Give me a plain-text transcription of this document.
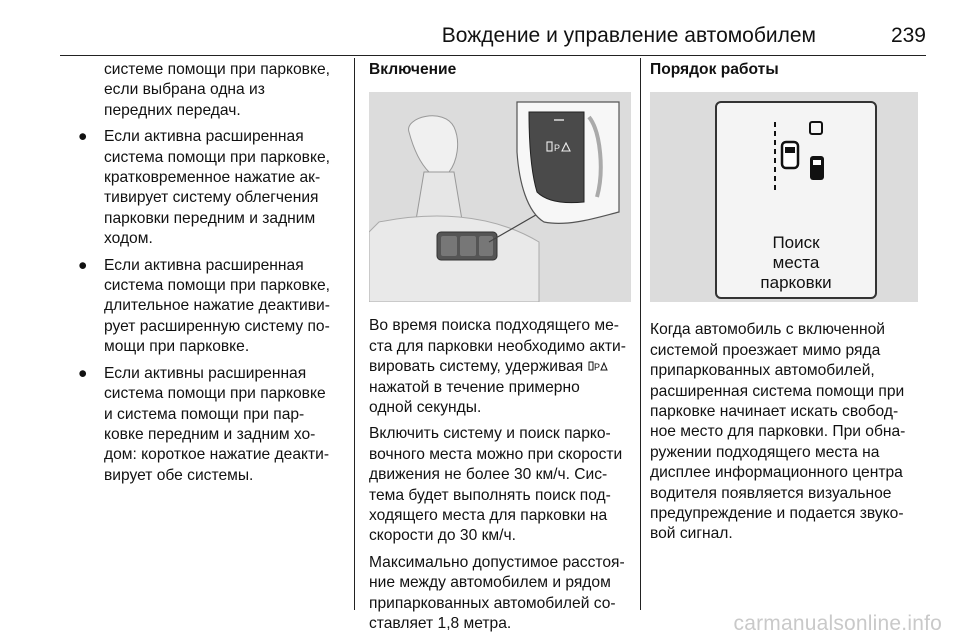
Вождение и управление автомобилем	239
системе помощи при парковке,
если выбрана одна из
передних передач.
● Если активна расширенная
система помощи при парковке,
кратковременное нажатие ак-
тивирует систему облегчения
парковки передним и задним
ходом.
● Если активна расширенная
система помощи при парковке,
длительное нажатие деактиви-
рует расширенную систему по-
мощи при парковке.
● Если активны расширенная
система помощи при парковке
и система помощи при пар-
ковке передним и задним хо-
дом: короткое нажатие деакти-
вирует обе системы.
Включение
P

Во время поиска подходящего ме-
ста для парковки необходимо акти-
вировать систему, удерживая P
нажатой в течение примерно
одной секунды.

Включить систему и поиск парко-
вочного места можно при скорости
движения не более 30 км/ч. Сис-
тема будет выполнять поиск под-
ходящего места для парковки на
скорости до 30 км/ч.

Максимально допустимое расстоя-
ние между автомобилем и рядом
припаркованных автомобилей со-
ставляет 1,8 метра.

Порядок работы
Поиск
места
парковки

Когда автомобиль с включенной
системой проезжает мимо ряда
припаркованных автомобилей,
расширенная система помощи при
парковке начинает искать свобод-
ное место для парковки. При обна-
ружении подходящего места на
дисплее информационного центра
водителя появляется визуальное
предупреждение и подается звуко-
вой сигнал.

carmanualsonline.info
